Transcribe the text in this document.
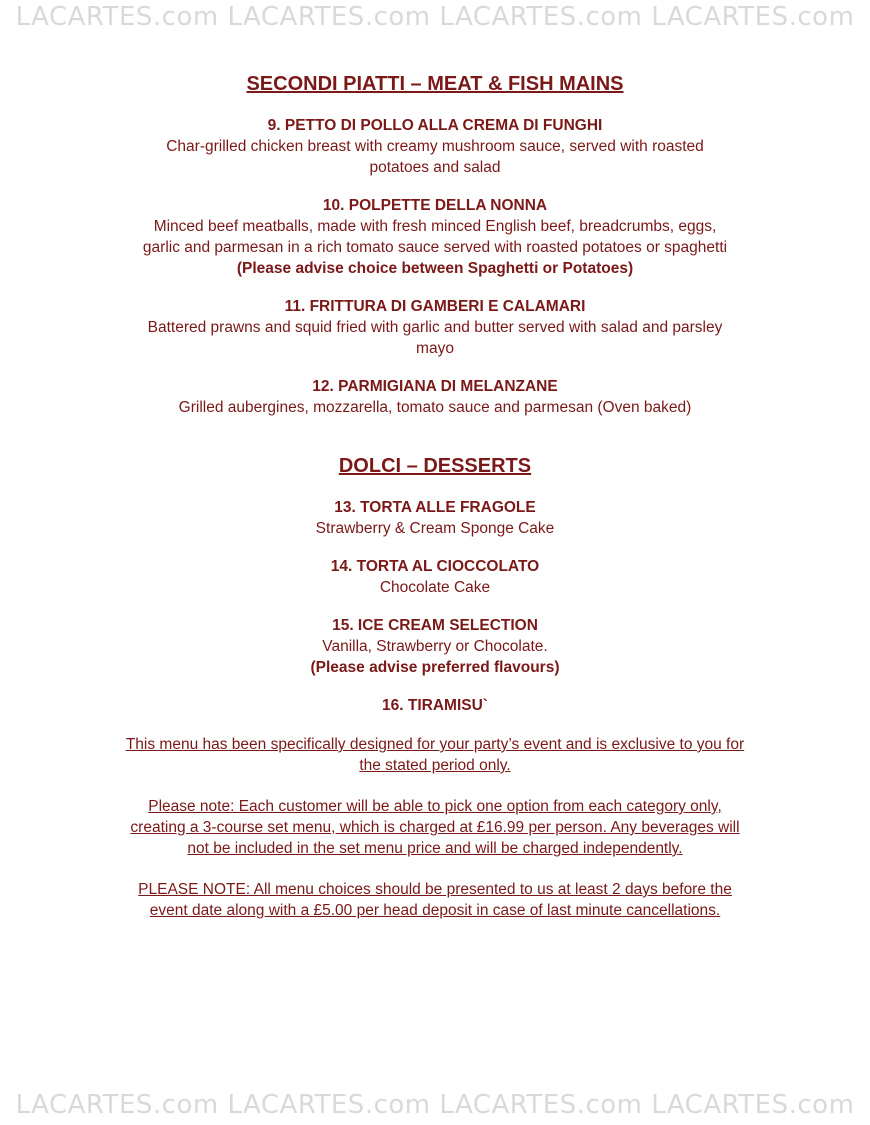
LACARTES.com LACARTES.com LACARTES.com LACARTES.com
SECONDI PIATTI – MEAT & FISH MAINS
9. PETTO DI POLLO ALLA CREMA DI FUNGHI
Char-grilled chicken breast with creamy mushroom sauce, served with roasted potatoes and salad
10. POLPETTE DELLA NONNA
Minced beef meatballs, made with fresh minced English beef, breadcrumbs, eggs, garlic and parmesan in a rich tomato sauce served with roasted potatoes or spaghetti
(Please advise choice between Spaghetti or Potatoes)
11. FRITTURA DI GAMBERI E CALAMARI
Battered prawns and squid fried with garlic and butter served with salad and parsley mayo
12. PARMIGIANA DI MELANZANE
Grilled aubergines, mozzarella, tomato sauce and parmesan (Oven baked)
DOLCI – DESSERTS
13. TORTA ALLE FRAGOLE
Strawberry & Cream Sponge Cake
14. TORTA AL CIOCCOLATO
Chocolate Cake
15. ICE CREAM SELECTION
Vanilla, Strawberry or Chocolate.
(Please advise preferred flavours)
16. TIRAMISU`
This menu has been specifically designed for your party’s event and is exclusive to you for the stated period only.
Please note: Each customer will be able to pick one option from each category only, creating a 3-course set menu, which is charged at £16.99 per person. Any beverages will not be included in the set menu price and will be charged independently.
PLEASE NOTE: All menu choices should be presented to us at least 2 days before the event date along with a £5.00 per head deposit in case of last minute cancellations.
LACARTES.com LACARTES.com LACARTES.com LACARTES.com
